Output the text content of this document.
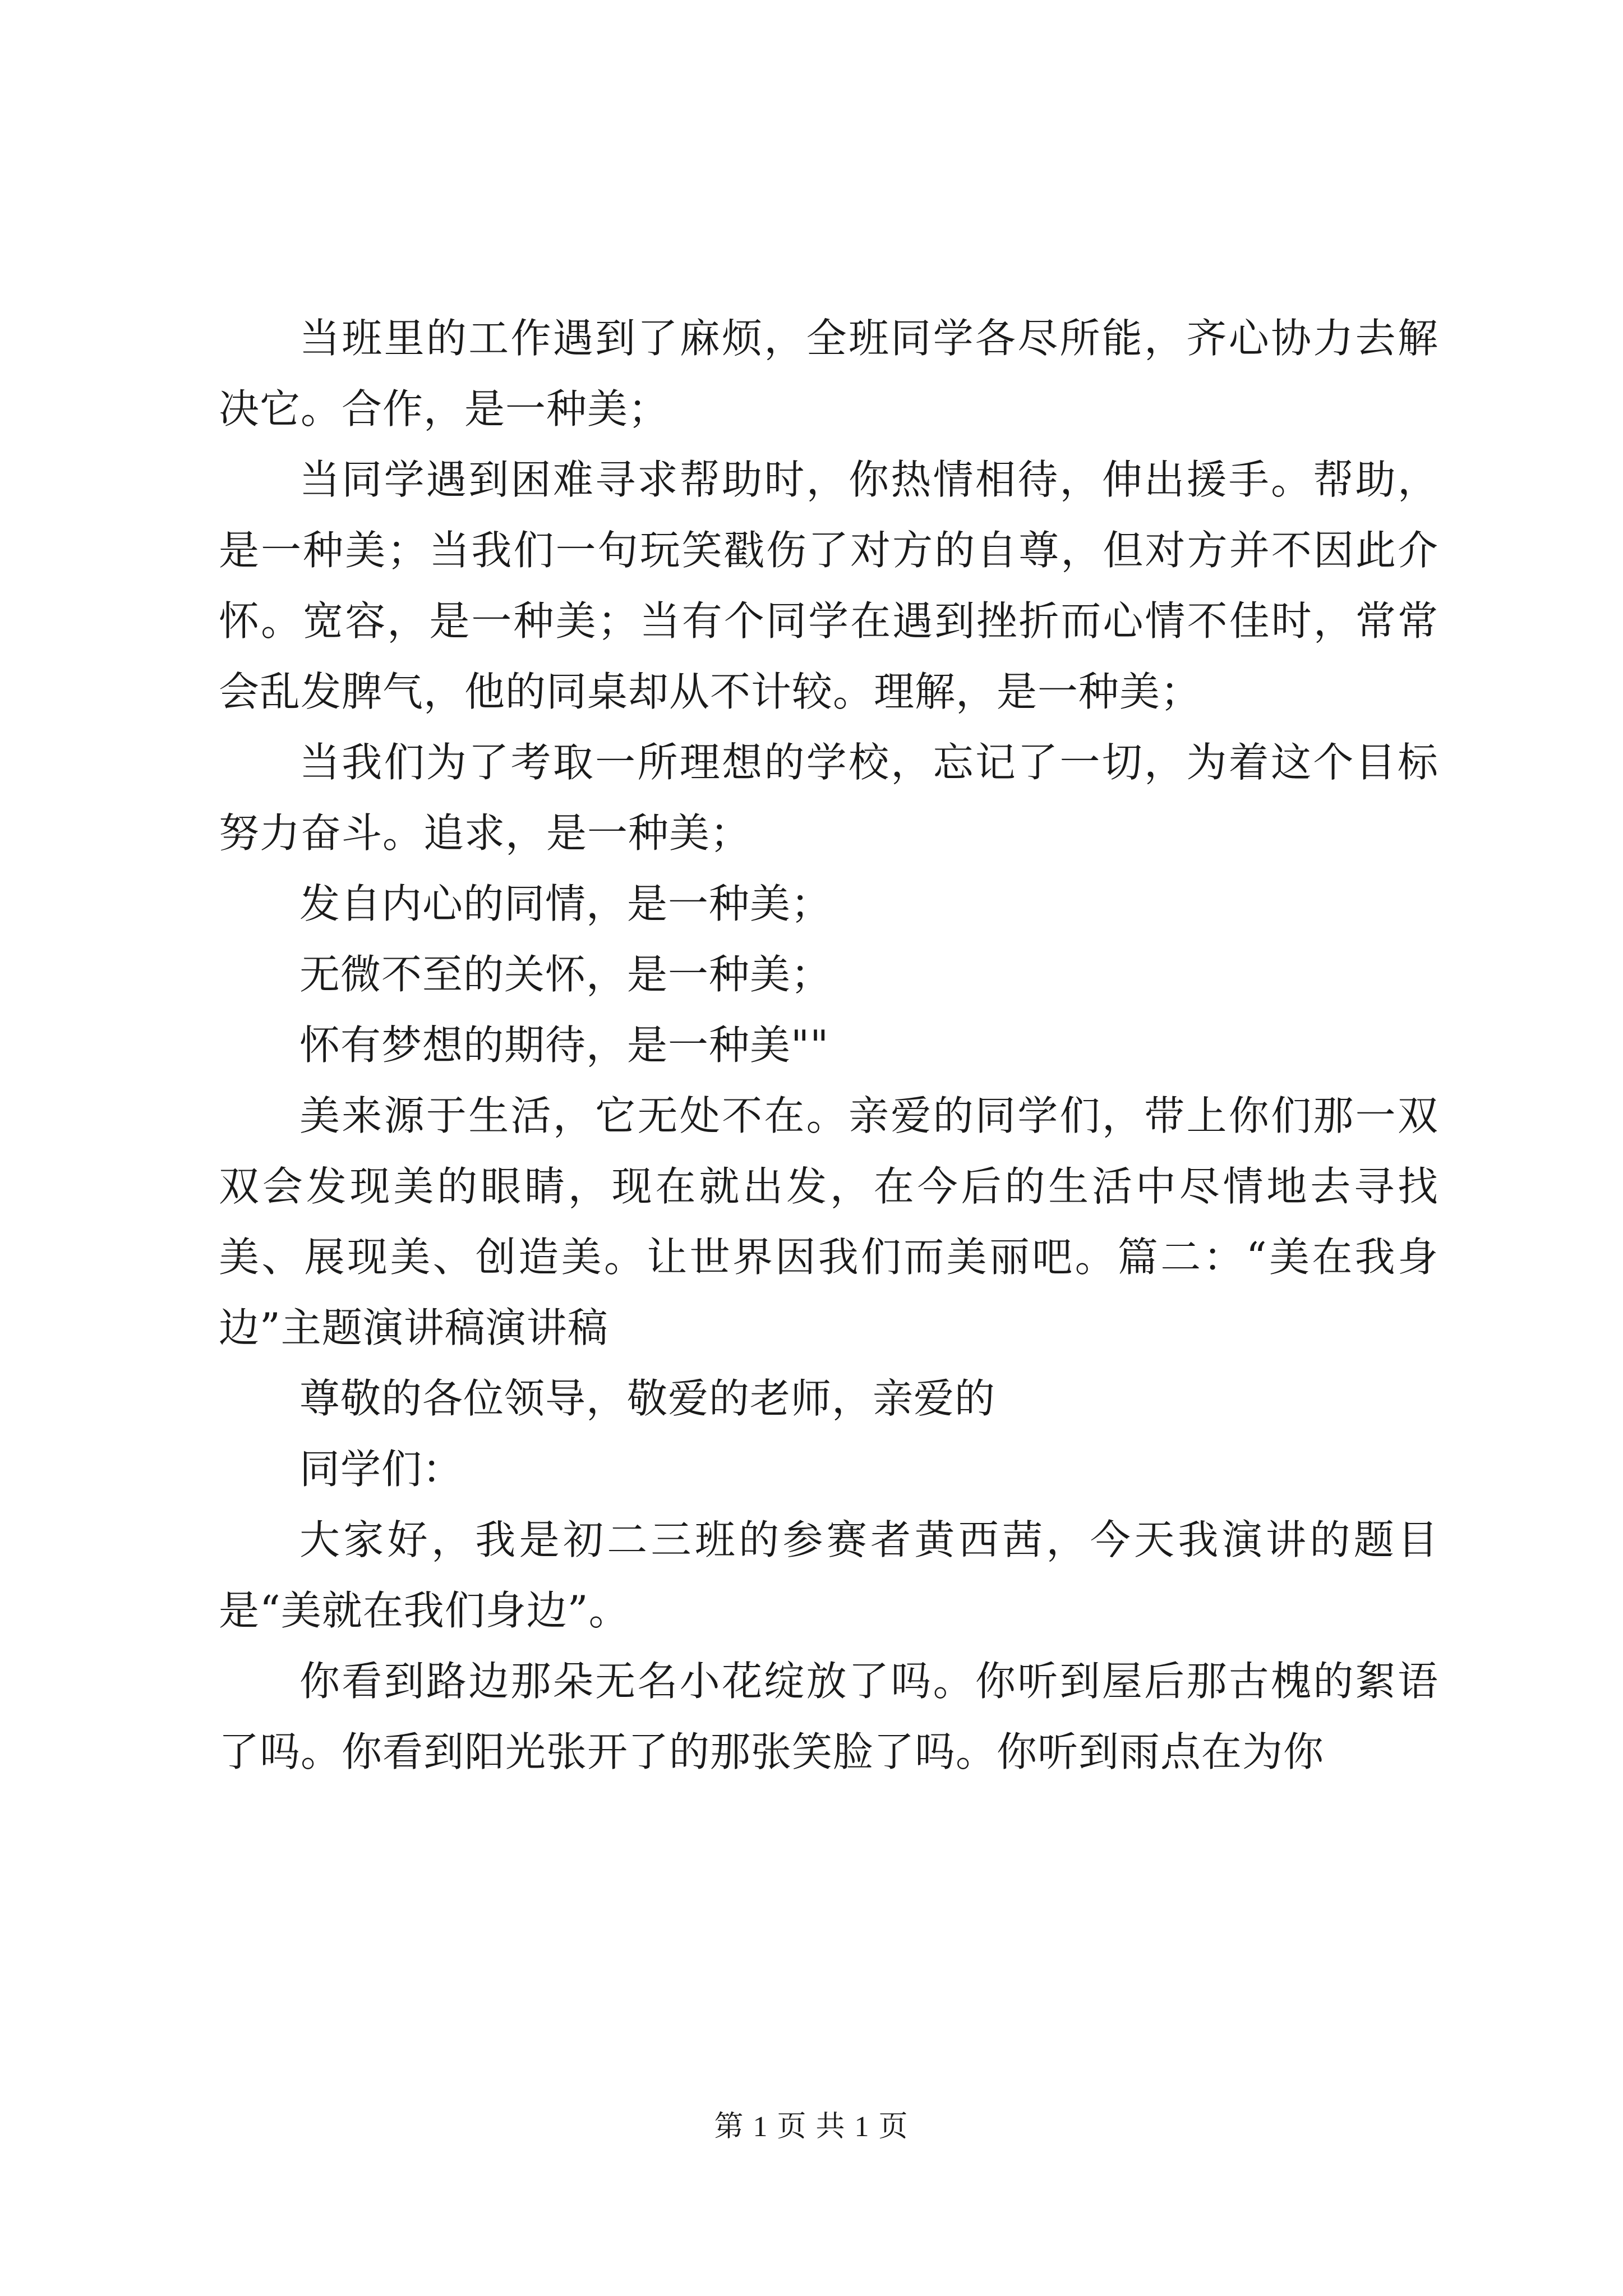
当班里的工作遇到了麻烦，全班同学各尽所能，齐心协力去解决它。合作，是一种美；

当同学遇到困难寻求帮助时，你热情相待，伸出援手。帮助，是一种美；当我们一句玩笑戳伤了对方的自尊，但对方并不因此介怀。宽容，是一种美；当有个同学在遇到挫折而心情不佳时，常常会乱发脾气，他的同桌却从不计较。理解，是一种美；

当我们为了考取一所理想的学校，忘记了一切，为着这个目标努力奋斗。追求，是一种美；

发自内心的同情，是一种美；

无微不至的关怀，是一种美；

怀有梦想的期待，是一种美""

美来源于生活，它无处不在。亲爱的同学们，带上你们那一双双会发现美的眼睛，现在就出发，在今后的生活中尽情地去寻找美、展现美、创造美。让世界因我们而美丽吧。篇二：“美在我身边”主题演讲稿演讲稿

尊敬的各位领导，敬爱的老师，亲爱的

同学们：

大家好，我是初二三班的参赛者黄西茜，今天我演讲的题目是“美就在我们身边”。

你看到路边那朵无名小花绽放了吗。你听到屋后那古槐的絮语了吗。你看到阳光张开了的那张笑脸了吗。你听到雨点在为你

第 1 页 共 1 页
